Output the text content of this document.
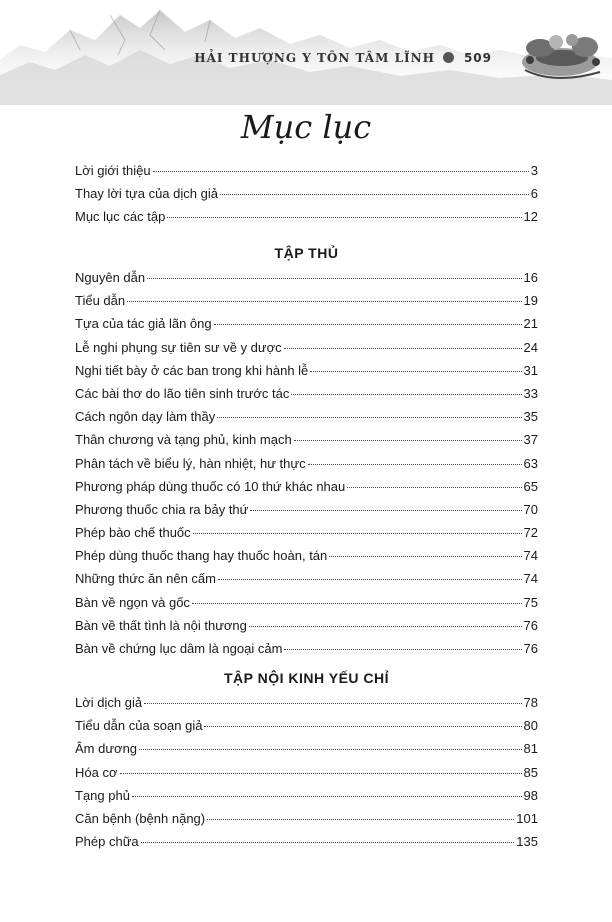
HẢI THƯỢNG Y TÔN TÂM LĨNH 509
Mục lục
Lời giới thiệu	3
Thay lời tựa của dịch giả	6
Mục lục các tập	12
TẬP THỦ
Nguyên dẫn	16
Tiểu dẫn	19
Tựa của tác giả lãn ông	21
Lễ nghi phụng sự tiên sư về y dược	24
Nghi tiết bày ở các ban trong khi hành lễ	31
Các bài thơ do lão tiên sinh trước tác	33
Cách ngôn dạy làm thầy	35
Thân chương và tạng phủ, kinh mạch	37
Phân tách về biểu lý, hàn nhiệt, hư thực	63
Phương pháp dùng thuốc có 10 thứ khác nhau	65
Phương thuốc chia ra bảy thứ	70
Phép bào chế thuốc	72
Phép dùng thuốc thang hay thuốc hoàn, tán	74
Những thức ăn nên cấm	74
Bàn về ngọn và gốc	75
Bàn về thất tình là nội thương	76
Bàn về chứng lục dâm là ngoại cảm	76
TẬP NỘI KINH YẾU CHỈ
Lời dịch giả	78
Tiểu dẫn của soạn giả	80
Âm dương	81
Hóa cơ	85
Tạng phủ	98
Căn bệnh (bệnh nặng)	101
Phép chữa	135
